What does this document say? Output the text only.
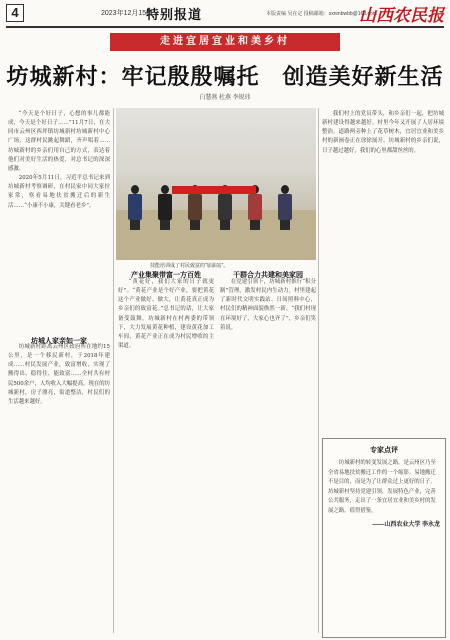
4	2023年12月15日
特别报道	本版责编 吴在定 投稿邮箱：sxnmbwbb@163.com
山西农民报
走进宜居宜业和美乡村
坊城新村：牢记殷殷嘱托　创造美好新生活
白慧燕 杜燕 李锐玮

“今天是个好日子，心想的事儿都能成，今天是个好日子……”11月7日，在大同市云州区西坪镇坊城新村坊城新村中心广场，这群村民跳起舞蹈，齐声唱着……坊城新村的乡亲们用自己的方式，表达着他们对美好生活的热爱，对总书记的深深感激。

2020年5月11日，习近平总书记来到坊城新村考察调研，在村民家中同大家拉家常，察看易地扶贫搬迁后的新生活……“小康不小康，关键看老乡”。

坊城人家亲如一家

坊城新村距离云州区政府所在地约15公里，是一个移民新村，于2018年建成……村民发展产业，致富增收，实现了搬得出、稳得住、能致富……全村共有村民500余户，人均收入大幅提高。现在的坊城新村，房子漂亮，街道整洁，村民们的生活越来越好。

技能培训成了村民致富的“加油站”。
产业集聚带富一方百姓

“黄花好，我们大家的日子就更好”。“黄花产业是个好产业，要把黄花这个产业做好、做大，让黄花真正成为乡亲们的致富花。”总书记的话，让大家备受鼓舞。坊城新村在村两委的带领下，大力发展黄花种植，建设黄花加工车间，黄花产业正在成为村民增收的主渠道。

干群合力共建和美家园

在党建引领下，坊城新村推行“积分制”管理，激发村民内生动力。村里建起了新时代文明实践站、日间照料中心，村民们的精神面貌焕然一新。“我们村现在环境好了，大家心也齐了”，乡亲们笑着说。

我们村上的党员带头，和乡亲们一起，把坊城新村建设得越来越好。村里今年又开展了人居环境整治，道路两旁种上了花草树木，宜居宜业和美乡村的新画卷正在徐徐展开。坊城新村的乡亲们说，日子越过越好，我们的心里都甜丝丝的。

专家点评
坊城新村的转变发展之路，是云州区乃至全省易地扶贫搬迁工作的一个缩影。易地搬迁不是目的，而是为了让群众过上更好的日子。坊城新村坚持党建引领，发展特色产业，完善公共服务，走出了一条宜居宜业和美乡村的发展之路，值得借鉴。
——山西农业大学 李永龙
